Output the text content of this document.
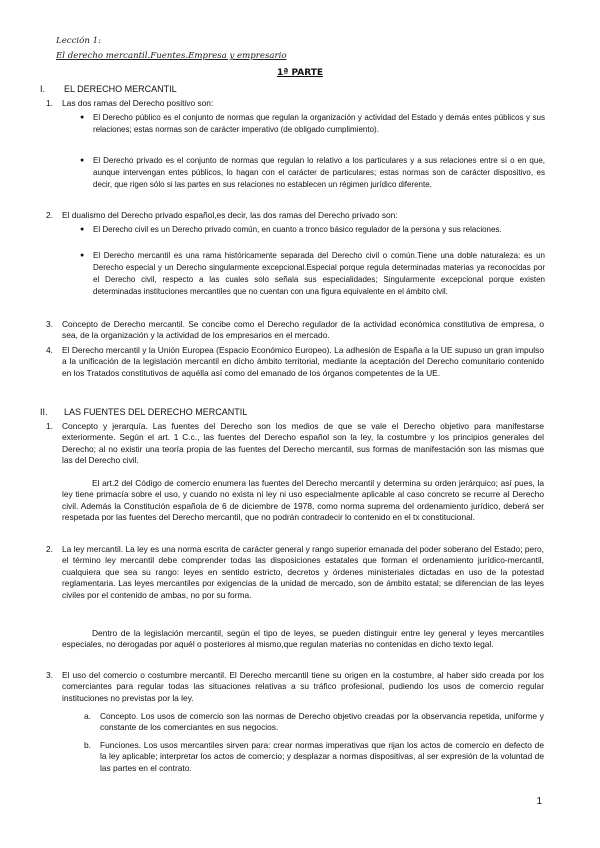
Lección 1:
El derecho mercantil.Fuentes.Empresa y empresario
1ª PARTE
I. EL DERECHO MERCANTIL
1. Las dos ramas del Derecho positivo son:
● El Derecho público es el conjunto de normas que regulan la organización y actividad del Estado y demás entes públicos y sus relaciones; estas normas son de carácter imperativo (de obligado cumplimiento).
● El Derecho privado es el conjunto de normas que regulan lo relativo a los particulares y a sus relaciones entre sí o en que, aunque intervengan entes públicos, lo hagan con el carácter de particulares; estas normas son de carácter dispositivo, es decir, que rigen sólo si las partes en sus relaciones no establecen un régimen jurídico diferente.
2. El dualismo del Derecho privado español,es decir, las dos ramas del Derecho privado son:
● El Derecho civil es un Derecho privado común, en cuanto a tronco básico regulador de la persona y sus relaciones.
● El Derecho mercantil es una rama históricamente separada del Derecho civil o común.Tiene una doble naturaleza: es un Derecho especial y un Derecho singularmente excepcional.Especial porque regula determinadas materias ya reconocidas por el Derecho civil, respecto a las cuales solo señala sus especialidades; Singularmente excepcional porque existen determinadas instituciones mercantiles que no cuentan con una figura equivalente en el ámbito civil.
3. Concepto de Derecho mercantil. Se concibe como el Derecho regulador de la actividad económica constitutiva de empresa, o sea, de la organización y la actividad de los empresarios en el mercado.
4. El Derecho mercantil y la Unión Europea (Espacio Económico Europeo). La adhesión de España a la UE supuso un gran impulso a la unificación de la legislación mercantil en dicho ámbito territorial, mediante la aceptación del Derecho comunitario contenido en los Tratados constitutivos de aquélla así como del emanado de los órganos competentes de la UE.
II. LAS FUENTES DEL DERECHO MERCANTIL
1. Concepto y jerarquía. Las fuentes del Derecho son los medios de que se vale el Derecho objetivo para manifestarse exteriormente. Según el art. 1 C.c., las fuentes del Derecho español son la ley, la costumbre y los principios generales del Derecho; al no existir una teoría propia de las fuentes del Derecho mercantil, sus formas de manifestación son las mismas que las del Derecho civil.
El art.2 del Código de comercio enumera las fuentes del Derecho mercantil y determina su orden jerárquico; así pues, la ley tiene primacía sobre el uso, y cuando no exista ni ley ni uso especialmente aplicable al caso concreto se recurre al Derecho civil. Además la Constitución española de 6 de diciembre de 1978, como norma suprema del ordenamiento jurídico, deberá ser respetada por las fuentes del Derecho mercantil, que no podrán contradecir lo contenido en el tx constitucional.
2. La ley mercantil. La ley es una norma escrita de carácter general y rango superior emanada del poder soberano del Estado; pero, el término ley mercantil debe comprender todas las disposiciones estatales que forman el ordenamiento jurídico-mercantil, cualquiera que sea su rango: leyes en sentido estricto, decretos y órdenes ministeriales dictadas en uso de la potestad reglamentaria. Las leyes mercantiles por exigencias de la unidad de mercado, son de ámbito estatal; se diferencian de las leyes civiles por el contenido de ambas, no por su forma.
Dentro de la legislación mercantil, según el tipo de leyes, se pueden distinguir entre ley general y leyes mercantiles especiales, no derogadas por aquél o posteriores al mismo,que regulan materias no contenidas en dicho texto legal.
3. El uso del comercio o costumbre mercantil. El Derecho mercantil tiene su origen en la costumbre, al haber sido creada por los comerciantes para regular todas las situaciones relativas a su tráfico profesional, pudiendo los usos de comercio regular instituciones no previstas por la ley.
a. Concepto. Los usos de comercio son las normas de Derecho objetivo creadas por la observancia repetida, uniforme y constante de los comerciantes en sus negocios.
b. Funciones. Los usos mercantiles sirven para: crear normas imperativas que rijan los actos de comercio en defecto de la ley aplicable; interpretar los actos de comercio; y desplazar a normas dispositivas, al ser expresión de la voluntad de las partes en el contrato.
1
